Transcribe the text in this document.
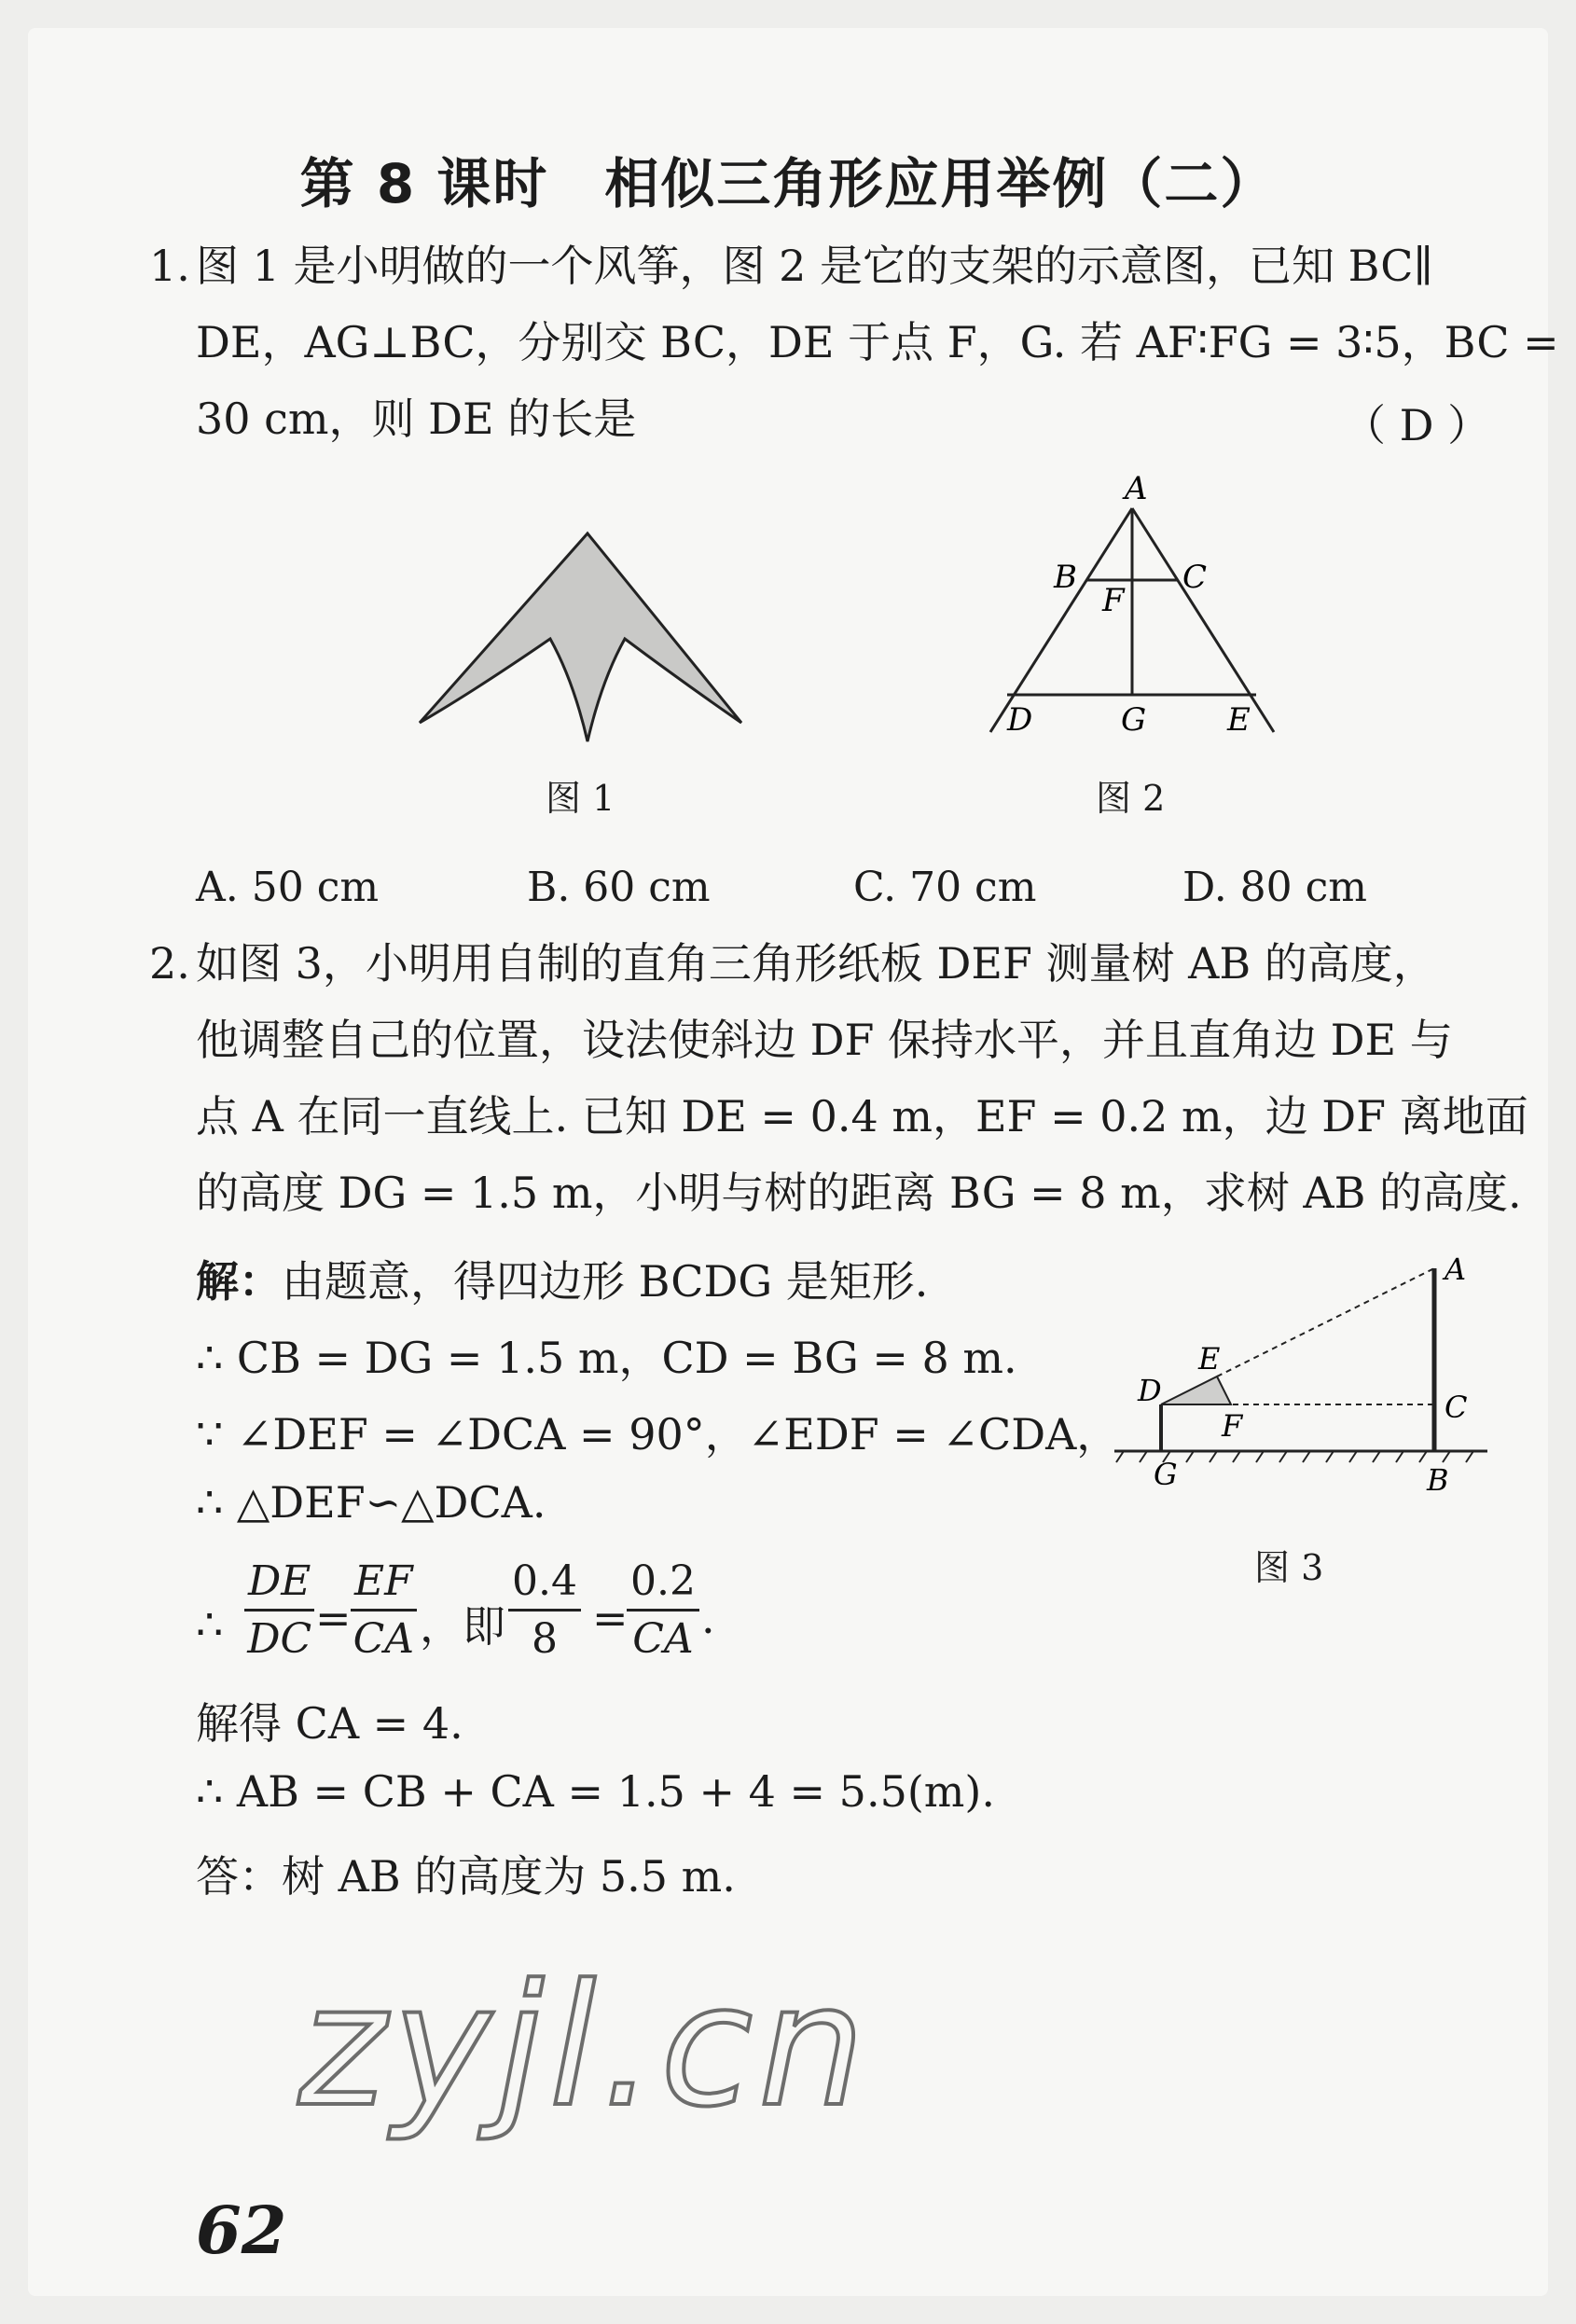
第 8 课时　相似三角形应用举例（二）
1. 图 1 是小明做的一个风筝，图 2 是它的支架的示意图，已知 BC∥
DE，AG⊥BC，分别交 BC，DE 于点 F，G. 若 AF∶FG = 3∶5，BC =
30 cm，则 DE 的长是	（ D ）
图 1
A
B	C
F
D	G	E
图 2
A. 50 cm	B. 60 cm	C. 70 cm	D. 80 cm
2. 如图 3，小明用自制的直角三角形纸板 DEF 测量树 AB 的高度，
他调整自己的位置，设法使斜边 DF 保持水平，并且直角边 DE 与
点 A 在同一直线上. 已知 DE = 0.4 m，EF = 0.2 m，边 DF 离地面
的高度 DG = 1.5 m，小明与树的距离 BG = 8 m，求树 AB 的高度.
解：由题意，得四边形 BCDG 是矩形.
∴ CB = DG = 1.5 m，CD = BG = 8 m.
∵ ∠DEF = ∠DCA = 90°，∠EDF = ∠CDA，
∴ △DEF∽△DCA.
∴ $\frac{DE}{DC} = \frac{EF}{CA}$ ，即 $\frac{0.4}{8}$ =
$\frac{0.2}{CA}$ .
解得 CA = 4.
∴ AB = CB + CA = 1.5 + 4 = 5.5(m).
答：树 AB 的高度为 5.5 m.
A
E
D	C
F
G	B
图 3
zyjl.cn
62
